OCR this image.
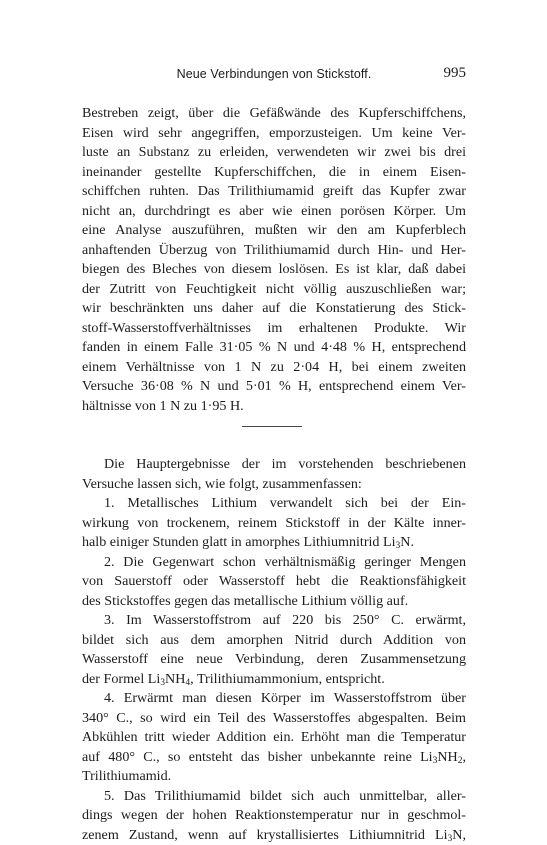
Neue Verbindungen von Stickstoff.	995
Bestreben zeigt, über die Gefäßwände des Kupferschiffchens,
Eisen wird sehr angegriffen, emporzusteigen. Um keine Ver-
luste an Substanz zu erleiden, verwendeten wir zwei bis drei
ineinander gestellte Kupferschiffchen, die in einem Eisen-
schiffchen ruhten. Das Trilithiumamid greift das Kupfer zwar
nicht an, durchdringt es aber wie einen porösen Körper. Um
eine Analyse auszuführen, mußten wir den am Kupferblech
anhaftenden Überzug von Trilithiumamid durch Hin- und Her-
biegen des Bleches von diesem loslösen. Es ist klar, daß dabei
der Zutritt von Feuchtigkeit nicht völlig auszuschließen war;
wir beschränkten uns daher auf die Konstatierung des Stick-
stoff-Wasserstoffverhältnisses im erhaltenen Produkte. Wir
fanden in einem Falle 31·05 % N und 4·48 % H, entsprechend
einem Verhältnisse von 1 N zu 2·04 H, bei einem zweiten
Versuche 36·08 % N und 5·01 % H, entsprechend einem Ver-
hältnisse von 1 N zu 1·95 H.
Die Hauptergebnisse der im vorstehenden beschriebenen
Versuche lassen sich, wie folgt, zusammenfassen:
1. Metallisches Lithium verwandelt sich bei der Ein-
wirkung von trockenem, reinem Stickstoff in der Kälte inner-
halb einiger Stunden glatt in amorphes Lithiumnitrid $Li_3N$.
2. Die Gegenwart schon verhältnismäßig geringer Mengen
von Sauerstoff oder Wasserstoff hebt die Reaktionsfähigkeit
des Stickstoffes gegen das metallische Lithium völlig auf.
3. Im Wasserstoffstrom auf 220 bis 250° C. erwärmt,
bildet sich aus dem amorphen Nitrid durch Addition von
Wasserstoff eine neue Verbindung, deren Zusammensetzung
der Formel $Li_3NH_4$, Trilithiumammonium, entspricht.
4. Erwärmt man diesen Körper im Wasserstoffstrom über
340° C., so wird ein Teil des Wasserstoffes abgespalten. Beim
Abkühlen tritt wieder Addition ein. Erhöht man die Temperatur
auf 480° C., so entsteht das bisher unbekannte reine $Li_3NH_2$,
Trilithiumamid.
5. Das Trilithiumamid bildet sich auch unmittelbar, aller-
dings wegen der hohen Reaktionstemperatur nur in geschmol-
zenem Zustand, wenn auf krystallisiertes Lithiumnitrid $Li_3N$,
